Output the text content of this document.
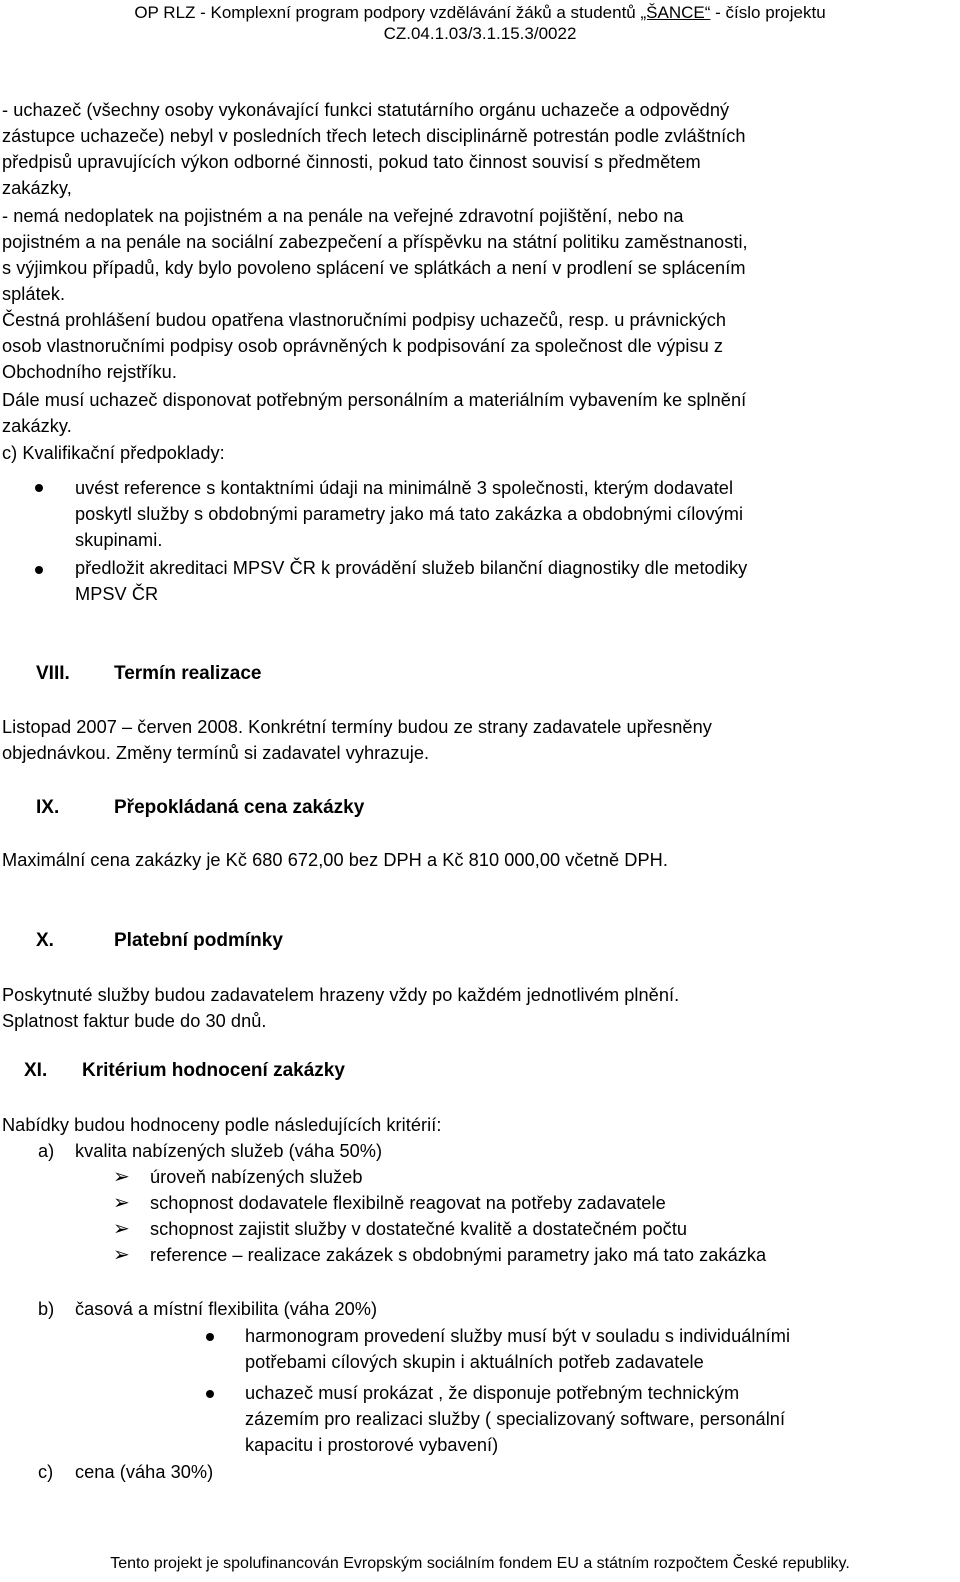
OP RLZ - Komplexní program podpory vzdělávání žáků a studentů „ŠANCE“ - číslo projektu
CZ.04.1.03/3.1.15.3/0022
- uchazeč (všechny osoby vykonávající funkci statutárního orgánu uchazeče a odpovědný
zástupce uchazeče) nebyl v posledních třech letech disciplinárně potrestán podle zvláštních
předpisů upravujících výkon odborné činnosti, pokud tato činnost souvisí s předmětem
zakázky,
- nemá nedoplatek na pojistném a na penále na veřejné zdravotní pojištění, nebo na
pojistném a na penále na sociální zabezpečení a příspěvku na státní politiku zaměstnanosti,
s výjimkou případů, kdy bylo povoleno splácení ve splátkách a není v prodlení se splácením
splátek.
Čestná prohlášení budou opatřena vlastnoručními podpisy uchazečů, resp. u právnických
osob vlastnoručními podpisy osob oprávněných k podpisování za společnost dle výpisu z
Obchodního rejstříku.
Dále musí uchazeč disponovat potřebným personálním a materiálním vybavením ke splnění
zakázky.
c) Kvalifikační předpoklady:
uvést reference s kontaktními údaji na minimálně 3 společnosti, kterým dodavatel
poskytl služby s obdobnými parametry jako má tato zakázka a obdobnými cílovými
skupinami.
předložit akreditaci MPSV ČR k provádění služeb bilanční diagnostiky dle metodiky
MPSV ČR
VIII. Termín realizace
Listopad 2007 – červen 2008. Konkrétní termíny budou ze strany zadavatele upřesněny
objednávkou. Změny termínů si zadavatel vyhrazuje.
IX.	Přepokládaná cena zakázky
Maximální cena zakázky je Kč 680 672,00 bez DPH a Kč 810 000,00 včetně DPH.
X.	Platební podmínky
Poskytnuté služby budou zadavatelem hrazeny vždy po každém jednotlivém plnění.
Splatnost faktur bude do 30 dnů.
XI. Kritérium hodnocení zakázky
Nabídky budou hodnoceny podle následujících kritérií:
a) kvalita nabízených služeb (váha 50%)
➢ úroveň nabízených služeb
➢ schopnost dodavatele flexibilně reagovat na potřeby zadavatele
➢ schopnost zajistit služby v dostatečné kvalitě a dostatečném počtu
➢ reference – realizace zakázek s obdobnými parametry jako má tato zakázka
b) časová a místní flexibilita (váha 20%)
harmonogram provedení služby musí být v souladu s individuálními
potřebami cílových skupin i aktuálních potřeb zadavatele
uchazeč musí prokázat , že disponuje potřebným technickým
zázemím pro realizaci služby ( specializovaný software, personální
kapacitu i prostorové vybavení)
c) cena (váha 30%)
Tento projekt je spolufinancován Evropským sociálním fondem EU a státním rozpočtem České republiky.
